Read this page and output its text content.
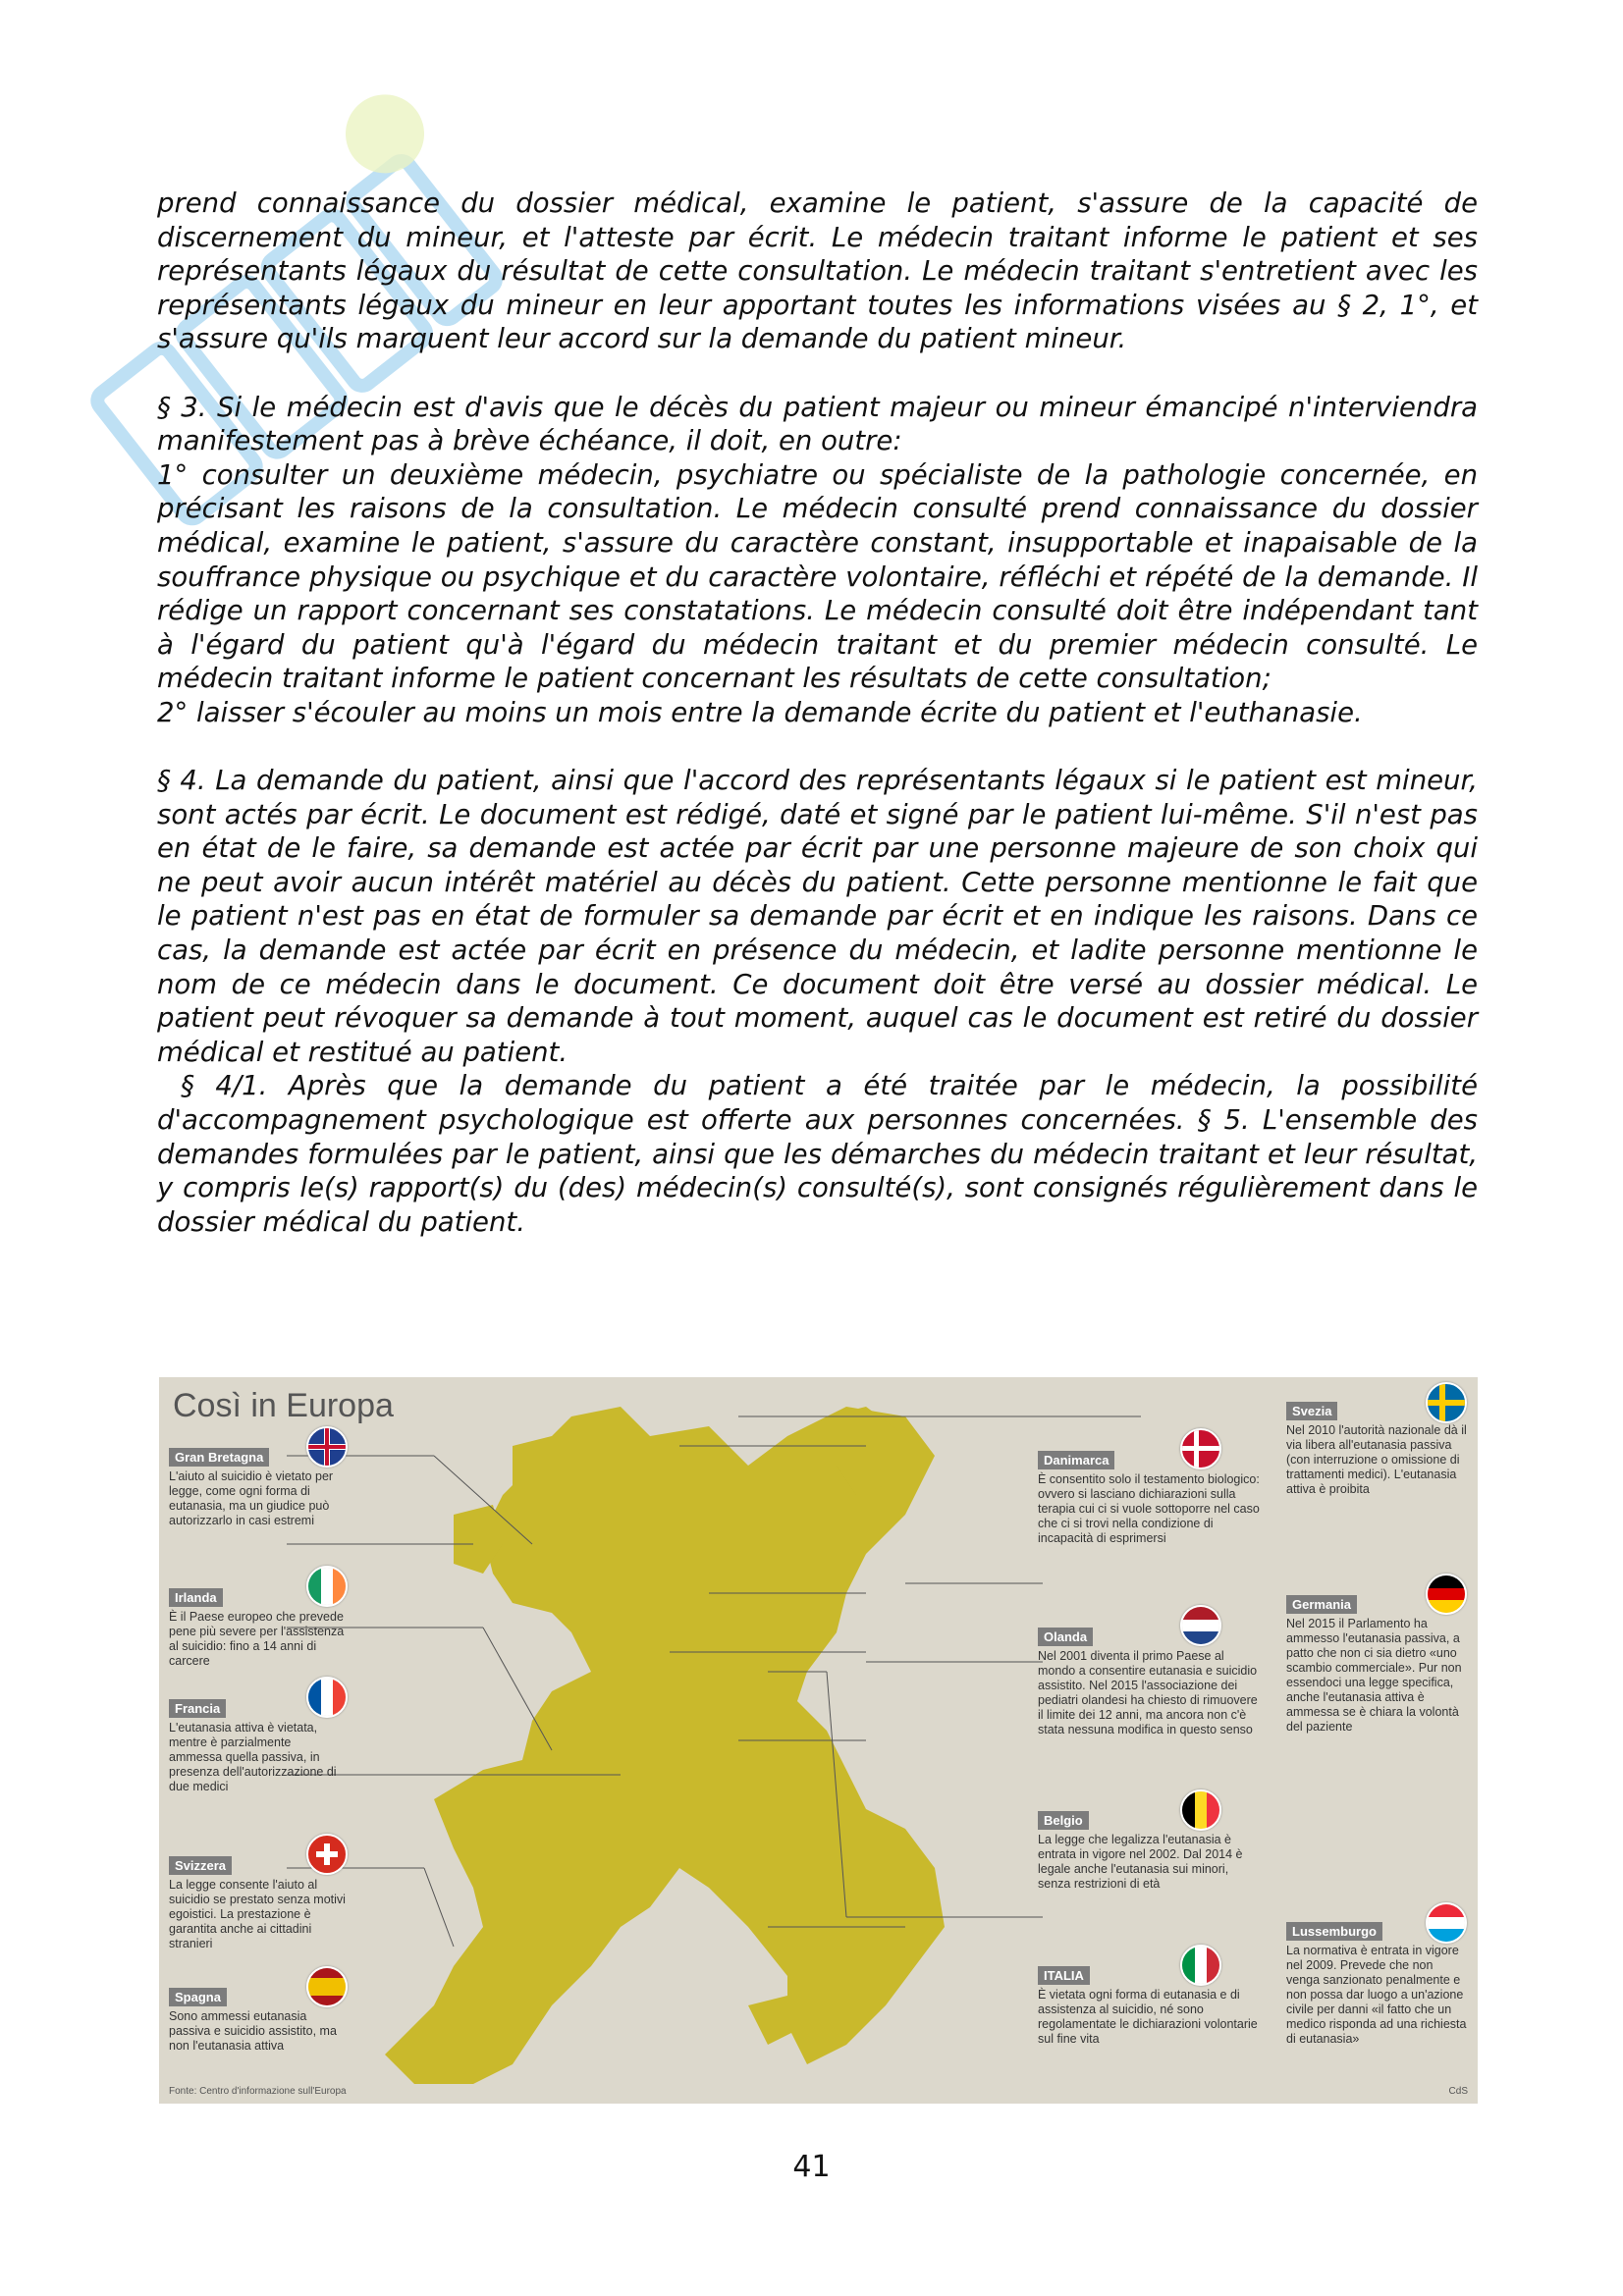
prend connaissance du dossier médical, examine le patient, s'assure de la capacité de discernement du mineur, et l'atteste par écrit. Le médecin traitant informe le patient et ses représentants légaux du résultat de cette consultation. Le médecin traitant s'entretient avec les représentants légaux du mineur en leur apportant toutes les informations visées au § 2, 1°, et s'assure qu'ils marquent leur accord sur la demande du patient mineur.

§ 3. Si le médecin est d'avis que le décès du patient majeur ou mineur émancipé n'interviendra manifestement pas à brève échéance, il doit, en outre:

1° consulter un deuxième médecin, psychiatre ou spécialiste de la pathologie concernée, en précisant les raisons de la consultation. Le médecin consulté prend connaissance du dossier médical, examine le patient, s'assure du caractère constant, insupportable et inapaisable de la souffrance physique ou psychique et du caractère volontaire, réfléchi et répété de la demande. Il rédige un rapport concernant ses constatations. Le médecin consulté doit être indépendant tant à l'égard du patient qu'à l'égard du médecin traitant et du premier médecin consulté. Le médecin traitant informe le patient concernant les résultats de cette consultation;

2° laisser s'écouler au moins un mois entre la demande écrite du patient et l'euthanasie.

§ 4. La demande du patient, ainsi que l'accord des représentants légaux si le patient est mineur, sont actés par écrit. Le document est rédigé, daté et signé par le patient lui-même. S'il n'est pas en état de le faire, sa demande est actée par écrit par une personne majeure de son choix qui ne peut avoir aucun intérêt matériel au décès du patient. Cette personne mentionne le fait que le patient n'est pas en état de formuler sa demande par écrit et en indique les raisons. Dans ce cas, la demande est actée par écrit en présence du médecin, et ladite personne mentionne le nom de ce médecin dans le document. Ce document doit être versé au dossier médical. Le patient peut révoquer sa demande à tout moment, auquel cas le document est retiré du dossier médical et restitué au patient.

§ 4/1. Après que la demande du patient a été traitée par le médecin, la possibilité d'accompagnement psychologique est offerte aux personnes concernées. § 5. L'ensemble des demandes formulées par le patient, ainsi que les démarches du médecin traitant et leur résultat, y compris le(s) rapport(s) du (des) médecin(s) consulté(s), sont consignés régulièrement dans le dossier médical du patient.

Così in Europa
Gran Bretagna
L'aiuto al suicidio è vietato per legge, come ogni forma di eutanasia, ma un giudice può autorizzarlo in casi estremi
Irlanda
È il Paese europeo che prevede pene più severe per l'assistenza al suicidio: fino a 14 anni di carcere
Francia
L'eutanasia attiva è vietata, mentre è parzialmente ammessa quella passiva, in presenza dell'autorizzazione di due medici
Svizzera
La legge consente l'aiuto al suicidio se prestato senza motivi egoistici. La prestazione è garantita anche ai cittadini stranieri
Spagna
Sono ammessi eutanasia passiva e suicidio assistito, ma non l'eutanasia attiva
Danimarca
È consentito solo il testamento biologico: ovvero si lasciano dichiarazioni sulla terapia cui ci si vuole sottoporre nel caso che ci si trovi nella condizione di incapacità di esprimersi
Olanda
Nel 2001 diventa il primo Paese al mondo a consentire eutanasia e suicidio assistito. Nel 2015 l'associazione dei pediatri olandesi ha chiesto di rimuovere il limite dei 12 anni, ma ancora non c'è stata nessuna modifica in questo senso
Belgio
La legge che legalizza l'eutanasia è entrata in vigore nel 2002. Dal 2014 è legale anche l'eutanasia sui minori, senza restrizioni di età
ITALIA
È vietata ogni forma di eutanasia e di assistenza al suicidio, né sono regolamentate le dichiarazioni volontarie sul fine vita
Svezia
Nel 2010 l'autorità nazionale dà il via libera all'eutanasia passiva (con interruzione o omissione di trattamenti medici). L'eutanasia attiva è proibita
Germania
Nel 2015 il Parlamento ha ammesso l'eutanasia passiva, a patto che non ci sia dietro «uno scambio commerciale». Pur non essendoci una legge specifica, anche l'eutanasia attiva è ammessa se è chiara la volontà del paziente
Lussemburgo
La normativa è entrata in vigore nel 2009. Prevede che non venga sanzionato penalmente e non possa dar luogo a un'azione civile per danni «il fatto che un medico risponda ad una richiesta di eutanasia»
Fonte: Centro d'informazione sull'Europa	CdS
41
